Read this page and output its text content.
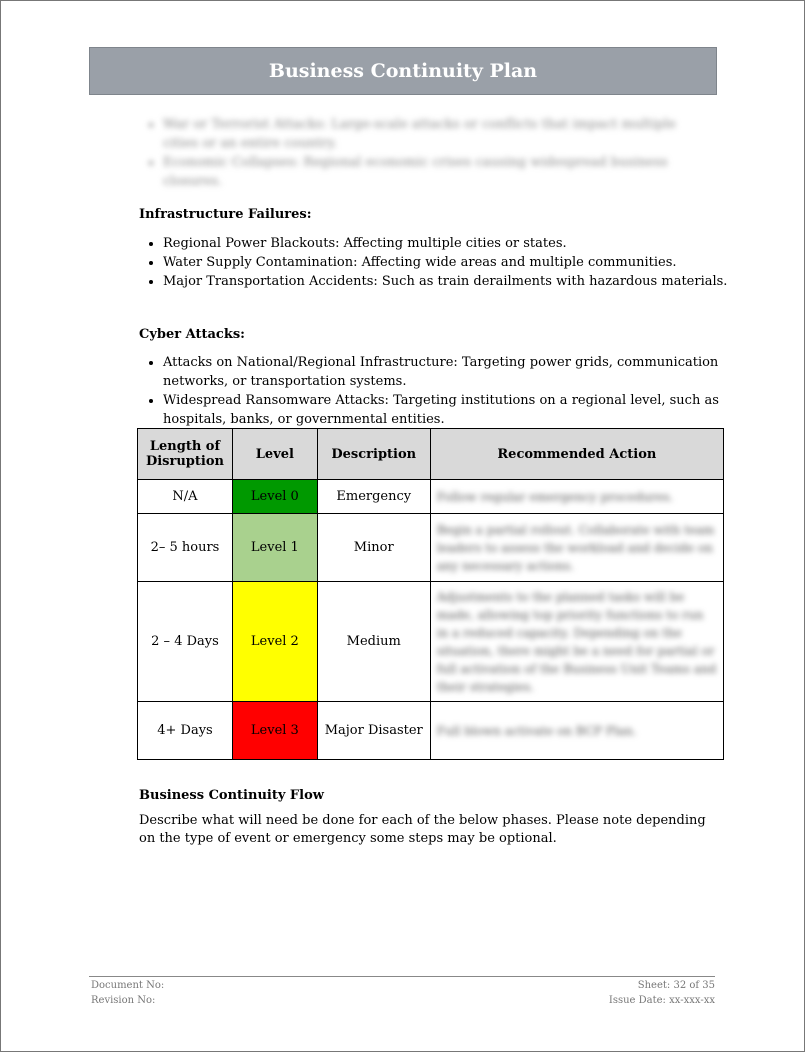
Business Continuity Plan
• War or Terrorist Attacks: Large-scale attacks or conflicts that impact multiple cities or an entire country.
• Economic Collapses: Regional economic crises causing widespread business closures.
Infrastructure Failures:
• Regional Power Blackouts: Affecting multiple cities or states.
• Water Supply Contamination: Affecting wide areas and multiple communities.
• Major Transportation Accidents: Such as train derailments with hazardous materials.
Cyber Attacks:
• Attacks on National/Regional Infrastructure: Targeting power grids, communication networks, or transportation systems.
• Widespread Ransomware Attacks: Targeting institutions on a regional level, such as hospitals, banks, or governmental entities.
Length of Disruption	Level	Description	Recommended Action
N/A	Level 0	Emergency	Follow regular emergency procedures.
2– 5 hours	Level 1	Minor	Begin a partial rollout. Collaborate with team leaders to assess the workload and decide on any necessary actions.
2 – 4 Days	Level 2	Medium	Adjustments to the planned tasks will be made, allowing top priority functions to run in a reduced capacity. Depending on the situation, there might be a need for partial or full activation of the Business Unit Teams and their strategies.
4+ Days	Level 3	Major Disaster	Full blown activate on BCP Plan.
Business Continuity Flow
Describe what will need be done for each of the below phases. Please note depending on the type of event or emergency some steps may be optional.
Document No:
Revision No:
Sheet: 32 of 35
Issue Date: xx-xxx-xx
